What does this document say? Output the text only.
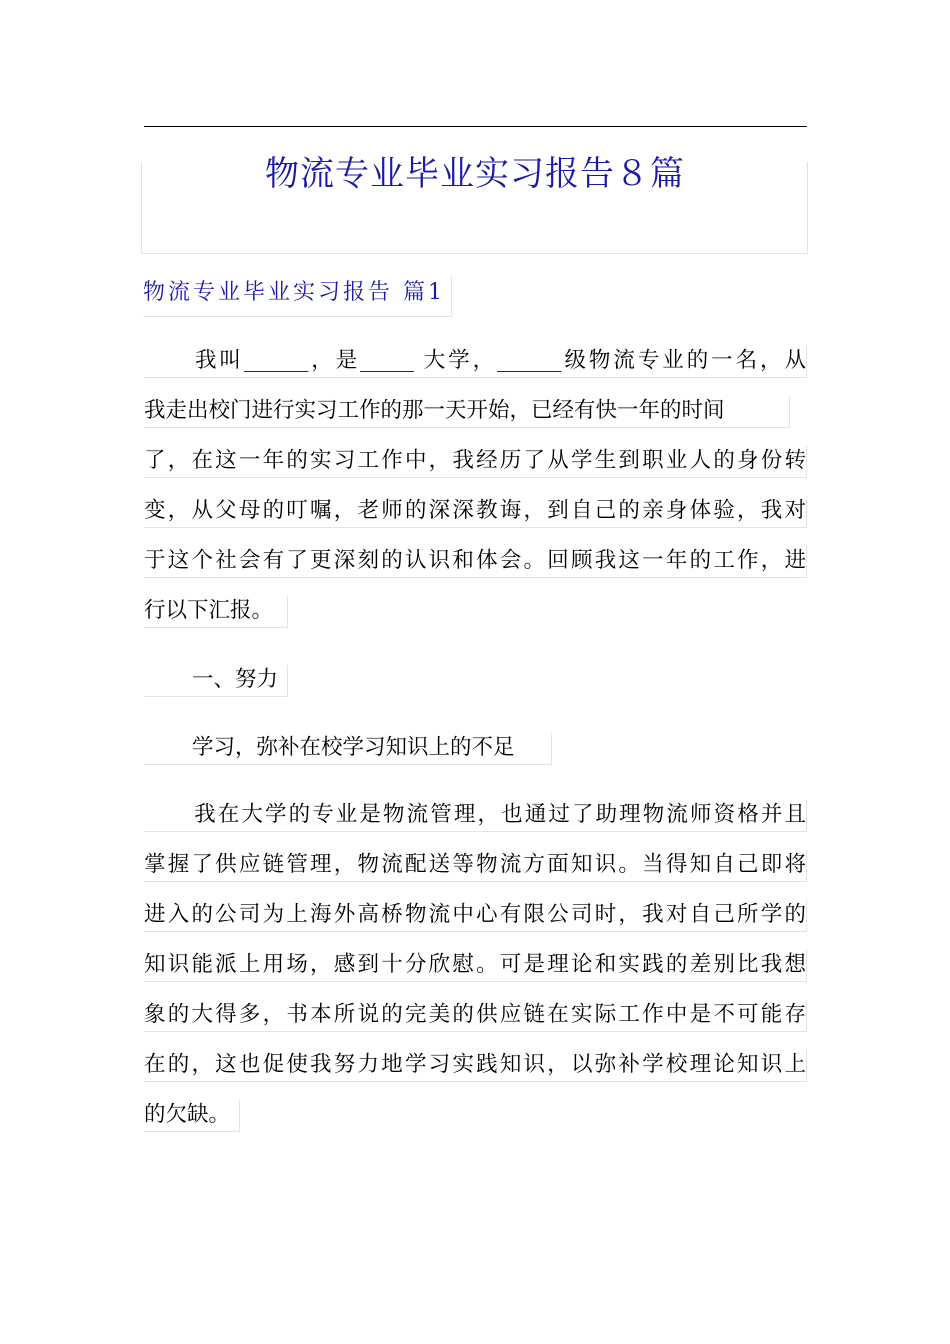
物流专业毕业实习报告８篇
物流专业毕业实习报告 篇1
我叫______，是_____ 大学，______级物流专业的一名，从
我走出校门进行实习工作的那一天开始，已经有快一年的时间
了，在这一年的实习工作中，我经历了从学生到职业人的身份转
变，从父母的叮嘱，老师的深深教诲，到自己的亲身体验，我对
于这个社会有了更深刻的认识和体会。回顾我这一年的工作，进
行以下汇报。
一、努力
学习，弥补在校学习知识上的不足
我在大学的专业是物流管理，也通过了助理物流师资格并且
掌握了供应链管理，物流配送等物流方面知识。当得知自己即将
进入的公司为上海外高桥物流中心有限公司时，我对自己所学的
知识能派上用场，感到十分欣慰。可是理论和实践的差别比我想
象的大得多，书本所说的完美的供应链在实际工作中是不可能存
在的，这也促使我努力地学习实践知识，以弥补学校理论知识上
的欠缺。
